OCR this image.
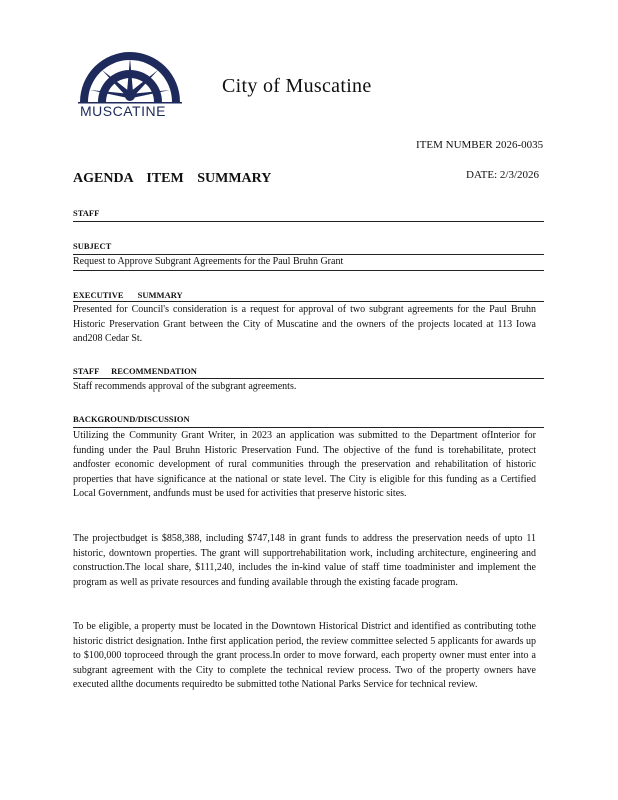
MUSCATINE
City of Muscatine
ITEM NUMBER 2026-0035
AGENDA ITEM SUMMARY	DATE: 2/3/2026
STAFF
SUBJECT
Request to Approve Subgrant Agreements for the Paul Bruhn Grant
EXECUTIVE SUMMARY
Presented for Council's consideration is a request for approval of two subgrant agreements for the Paul Bruhn Historic Preservation Grant between the City of Muscatine and the owners of the projects located at 113 Iowa and208 Cedar St.
STAFF RECOMMENDATION
Staff recommends approval of the subgrant agreements.
BACKGROUND/DISCUSSION
Utilizing the Community Grant Writer, in 2023 an application was submitted to the Department ofInterior for funding under the Paul Bruhn Historic Preservation Fund. The objective of the fund is torehabilitate, protect andfoster economic development of rural communities through the preservation and rehabilitation of historic properties that have significance at the national or state level. The City is eligible for this funding as a Certified Local Government, andfunds must be used for activities that preserve historic sites.
The projectbudget is $858,388, including $747,148 in grant funds to address the preservation needs of upto 11 historic, downtown properties. The grant will supportrehabilitation work, including architecture, engineering and construction.The local share, $111,240, includes the in-kind value of staff time toadminister and implement the program as well as private resources and funding available through the existing facade program.
To be eligible, a property must be located in the Downtown Historical District and identified as contributing tothe historic district designation. Inthe first application period, the review committee selected 5 applicants for awards up to $100,000 toproceed through the grant process.In order to move forward, each property owner must enter into a subgrant agreement with the City to complete the technical review process. Two of the property owners have executed allthe documents requiredto be submitted tothe National Parks Service for technical review.
